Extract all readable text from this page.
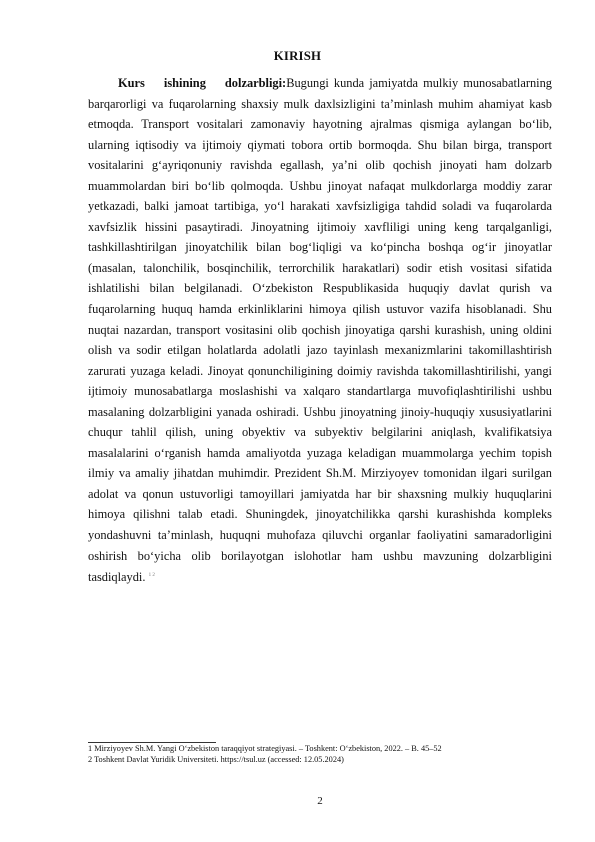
KIRISH

Kurs ishining dolzarbligi:Bugungi kunda jamiyatda mulkiy munosabatlarning barqarorligi va fuqarolarning shaxsiy mulk daxlsizligini ta’minlash muhim ahamiyat kasb etmoqda. Transport vositalari zamonaviy hayotning ajralmas qismiga aylangan bo‘lib, ularning iqtisodiy va ijtimoiy qiymati tobora ortib bormoqda. Shu bilan birga, transport vositalarini g‘ayriqonuniy ravishda egallash, ya’ni olib qochish jinoyati ham dolzarb muammolardan biri bo‘lib qolmoqda. Ushbu jinoyat nafaqat mulkdorlarga moddiy zarar yetkazadi, balki jamoat tartibiga, yo‘l harakati xavfsizligiga tahdid soladi va fuqarolarda xavfsizlik hissini pasaytiradi. Jinoyatning ijtimoiy xavfliligi uning keng tarqalganligi, tashkillashtirilgan jinoyatchilik bilan bog‘liqligi va ko‘pincha boshqa og‘ir jinoyatlar (masalan, talonchilik, bosqinchilik, terrorchilik harakatlari) sodir etish vositasi sifatida ishlatilishi bilan belgilanadi. O‘zbekiston Respublikasida huquqiy davlat qurish va fuqarolarning huquq hamda erkinliklarini himoya qilish ustuvor vazifa hisoblanadi. Shu nuqtai nazardan, transport vositasini olib qochish jinoyatiga qarshi kurashish, uning oldini olish va sodir etilgan holatlarda adolatli jazo tayinlash mexanizmlarini takomillashtirish zarurati yuzaga keladi. Jinoyat qonunchiligining doimiy ravishda takomillashtirilishi, yangi ijtimoiy munosabatlarga moslashishi va xalqaro standartlarga muvofiqlashtirilishi ushbu masalaning dolzarbligini yanada oshiradi. Ushbu jinoyatning jinoiy-huquqiy xususiyatlarini chuqur tahlil qilish, uning obyektiv va subyektiv belgilarini aniqlash, kvalifikatsiya masalalarini o‘rganish hamda amaliyotda yuzaga keladigan muammolarga yechim topish ilmiy va amaliy jihatdan muhimdir. Prezident Sh.M. Mirziyoyev tomonidan ilgari surilgan adolat va qonun ustuvorligi tamoyillari jamiyatda har bir shaxsning mulkiy huquqlarini himoya qilishni talab etadi. Shuningdek, jinoyatchilikka qarshi kurashishda kompleks yondashuvni ta’minlash, huquqni muhofaza qiluvchi organlar faoliyatini samaradorligini oshirish bo‘yicha olib borilayotgan islohotlar ham ushbu mavzuning dolzarbligini tasdiqlaydi. $^{1 2}$

1 Mirziyoyev Sh.M. Yangi O‘zbekiston taraqqiyot strategiyasi. – Toshkent: O‘zbekiston, 2022. – B. 45–52
2 Toshkent Davlat Yuridik Universiteti. https://tsul.uz (accessed: 12.05.2024)
2
